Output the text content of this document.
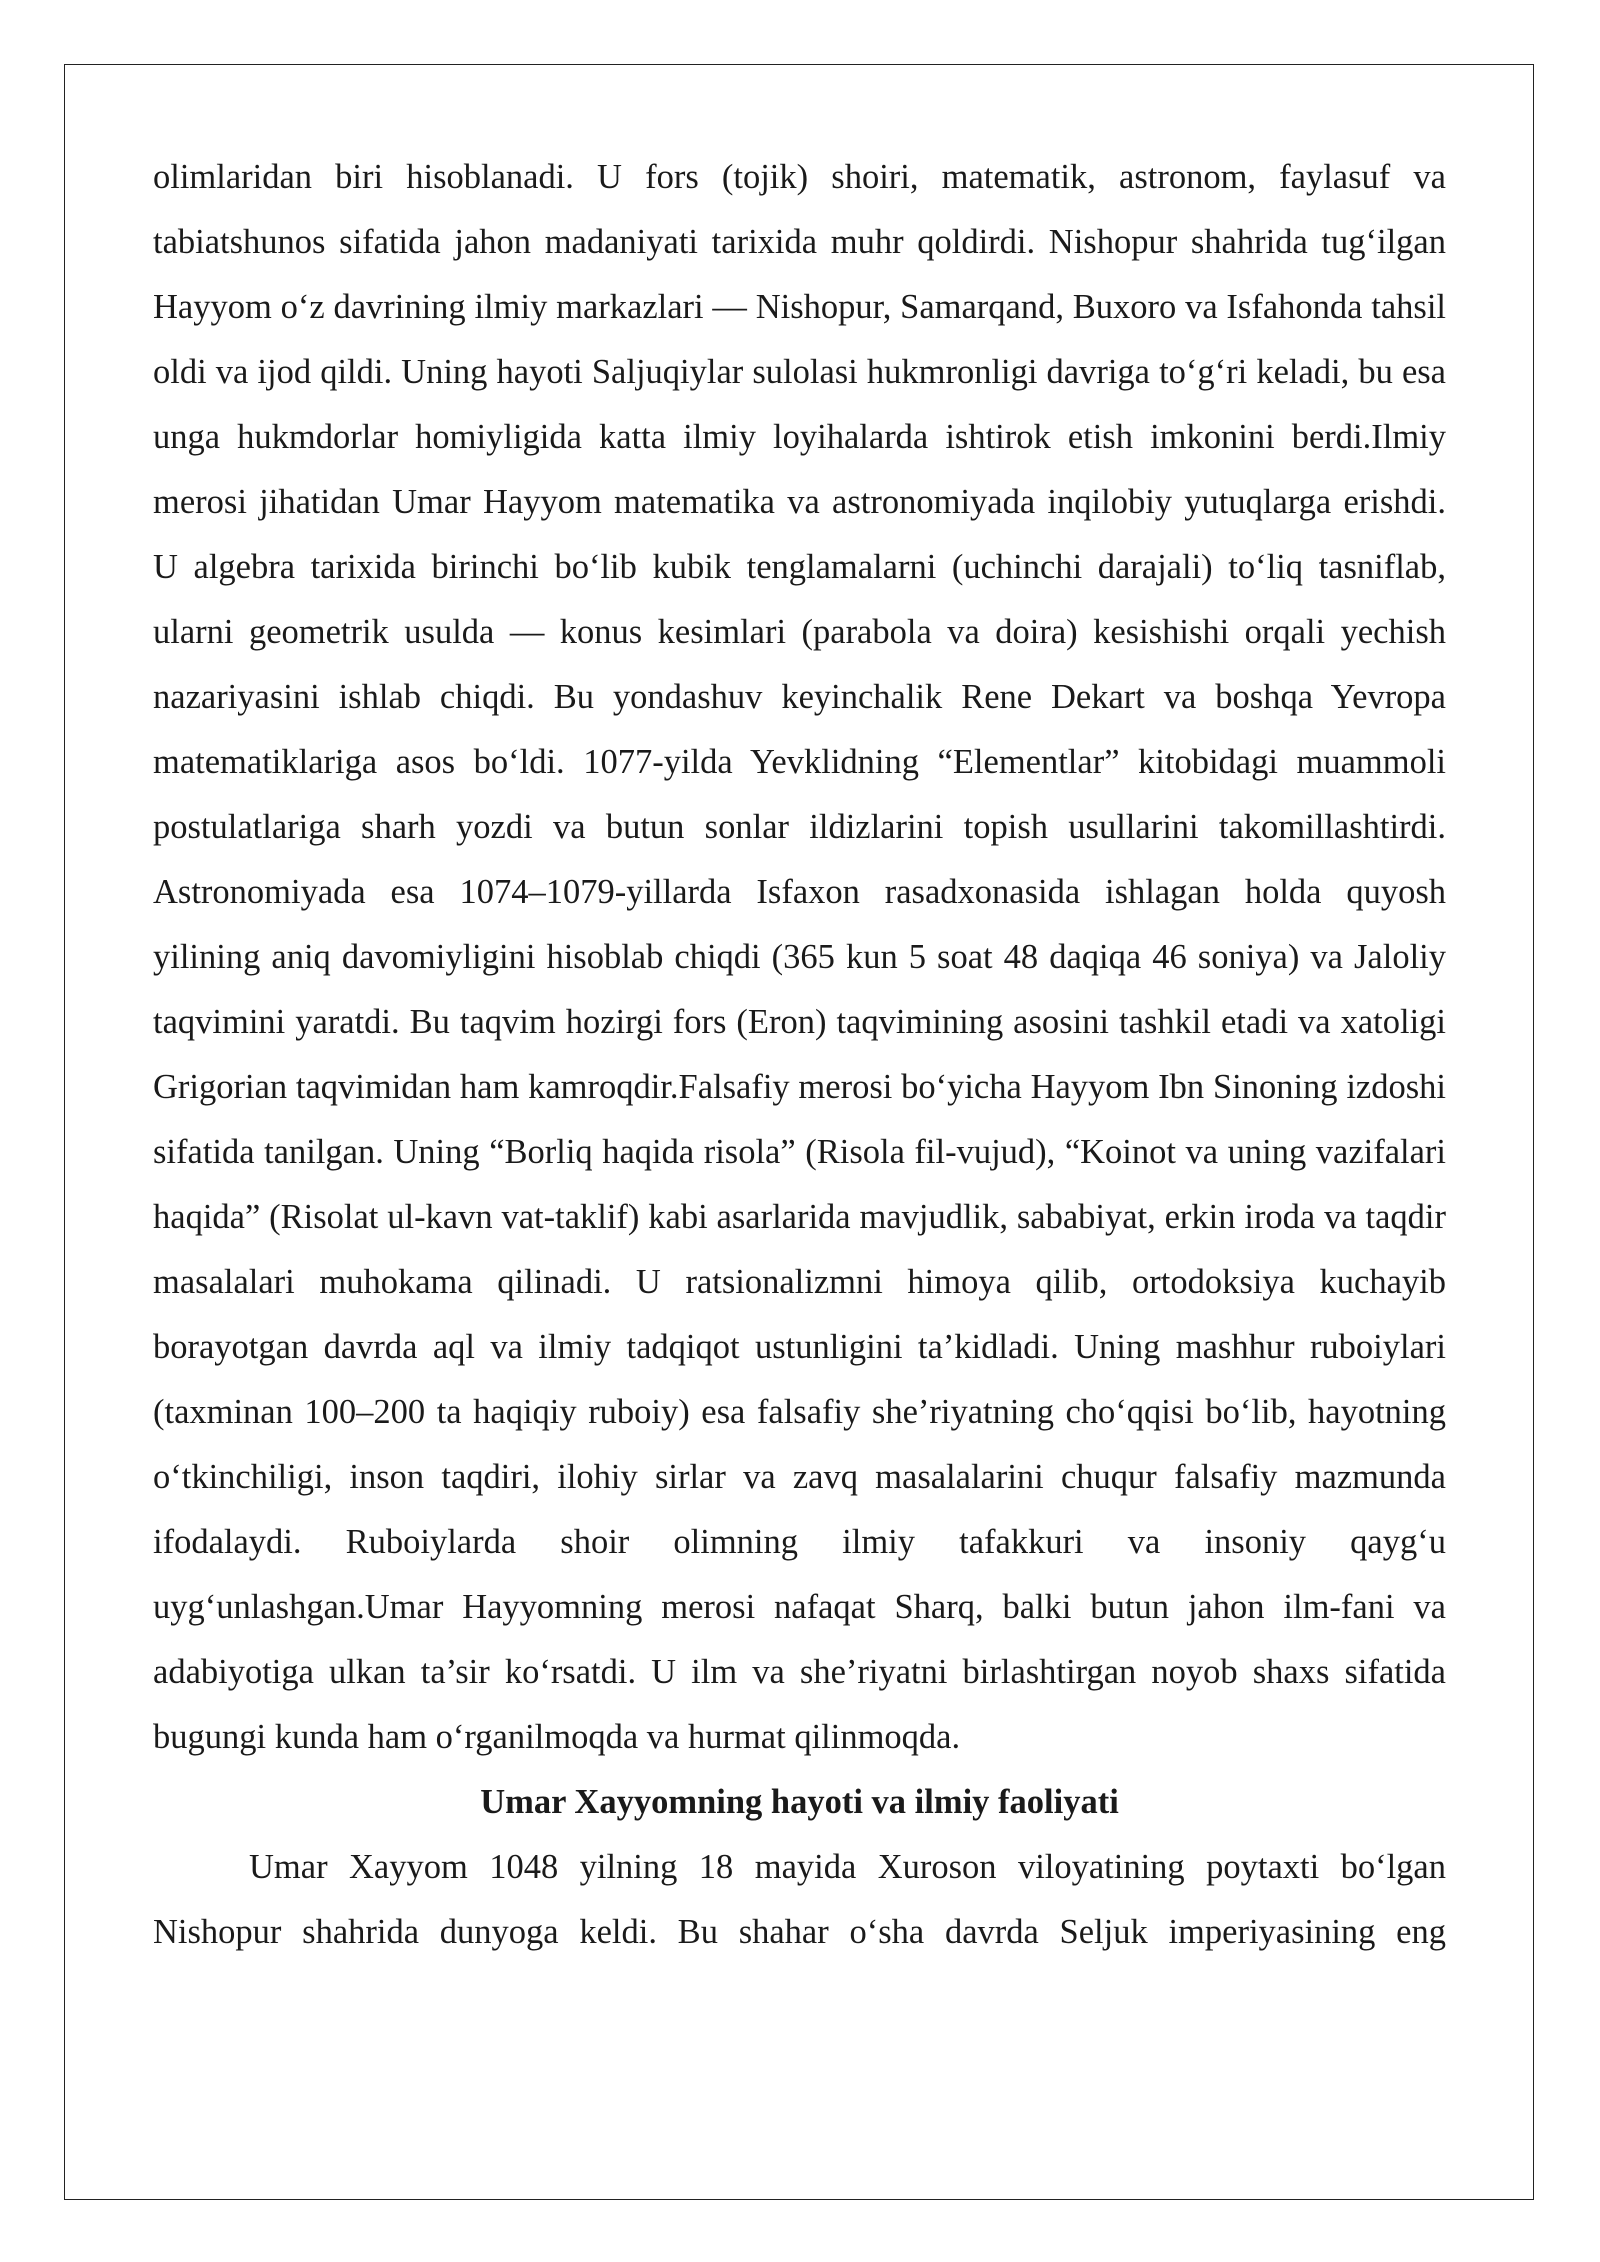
olimlaridan biri hisoblanadi. U fors (tojik) shoiri, matematik, astronom, faylasuf va tabiatshunos sifatida jahon madaniyati tarixida muhr qoldirdi. Nishopur shahrida tug‘ilgan Hayyom o‘z davrining ilmiy markazlari — Nishopur, Samarqand, Buxoro va Isfahonda tahsil oldi va ijod qildi. Uning hayoti Saljuqiylar sulolasi hukmronligi davriga to‘g‘ri keladi, bu esa unga hukmdorlar homiyligida katta ilmiy loyihalarda ishtirok etish imkonini berdi.Ilmiy merosi jihatidan Umar Hayyom matematika va astronomiyada inqilobiy yutuqlarga erishdi. U algebra tarixida birinchi bo‘lib kubik tenglamalarni (uchinchi darajali) to‘liq tasniflab, ularni geometrik usulda — konus kesimlari (parabola va doira) kesishishi orqali yechish nazariyasini ishlab chiqdi. Bu yondashuv keyinchalik Rene Dekart va boshqa Yevropa matematiklariga asos bo‘ldi. 1077-yilda Yevklidning “Elementlar” kitobidagi muammoli postulatlariga sharh yozdi va butun sonlar ildizlarini topish usullarini takomillashtirdi. Astronomiyada esa 1074–1079-yillarda Isfaxon rasadxonasida ishlagan holda quyosh yilining aniq davomiyligini hisoblab chiqdi (365 kun 5 soat 48 daqiqa 46 soniya) va Jaloliy taqvimini yaratdi. Bu taqvim hozirgi fors (Eron) taqvimining asosini tashkil etadi va xatoligi Grigorian taqvimidan ham kamroqdir.Falsafiy merosi bo‘yicha Hayyom Ibn Sinoning izdoshi sifatida tanilgan. Uning “Borliq haqida risola” (Risola fil-vujud), “Koinot va uning vazifalari haqida” (Risolat ul-kavn vat-taklif) kabi asarlarida mavjudlik, sababiyat, erkin iroda va taqdir masalalari muhokama qilinadi. U ratsionalizmni himoya qilib, ortodoksiya kuchayib borayotgan davrda aql va ilmiy tadqiqot ustunligini ta’kidladi. Uning mashhur ruboiylari (taxminan 100–200 ta haqiqiy ruboiy) esa falsafiy she’riyatning cho‘qqisi bo‘lib, hayotning o‘tkinchiligi, inson taqdiri, ilohiy sirlar va zavq masalalarini chuqur falsafiy mazmunda ifodalaydi. Ruboiylarda shoir olimning ilmiy tafakkuri va insoniy qayg‘u uyg‘unlashgan.Umar Hayyomning merosi nafaqat Sharq, balki butun jahon ilm-fani va adabiyotiga ulkan ta’sir ko‘rsatdi. U ilm va she’riyatni birlashtirgan noyob shaxs sifatida bugungi kunda ham o‘rganilmoqda va hurmat qilinmoqda.

Umar Xayyomning hayoti va ilmiy faoliyati

Umar Xayyom 1048 yilning 18 mayida Xuroson viloyatining poytaxti bo‘lgan Nishopur shahrida dunyoga keldi. Bu shahar o‘sha davrda Seljuk imperiyasining eng
